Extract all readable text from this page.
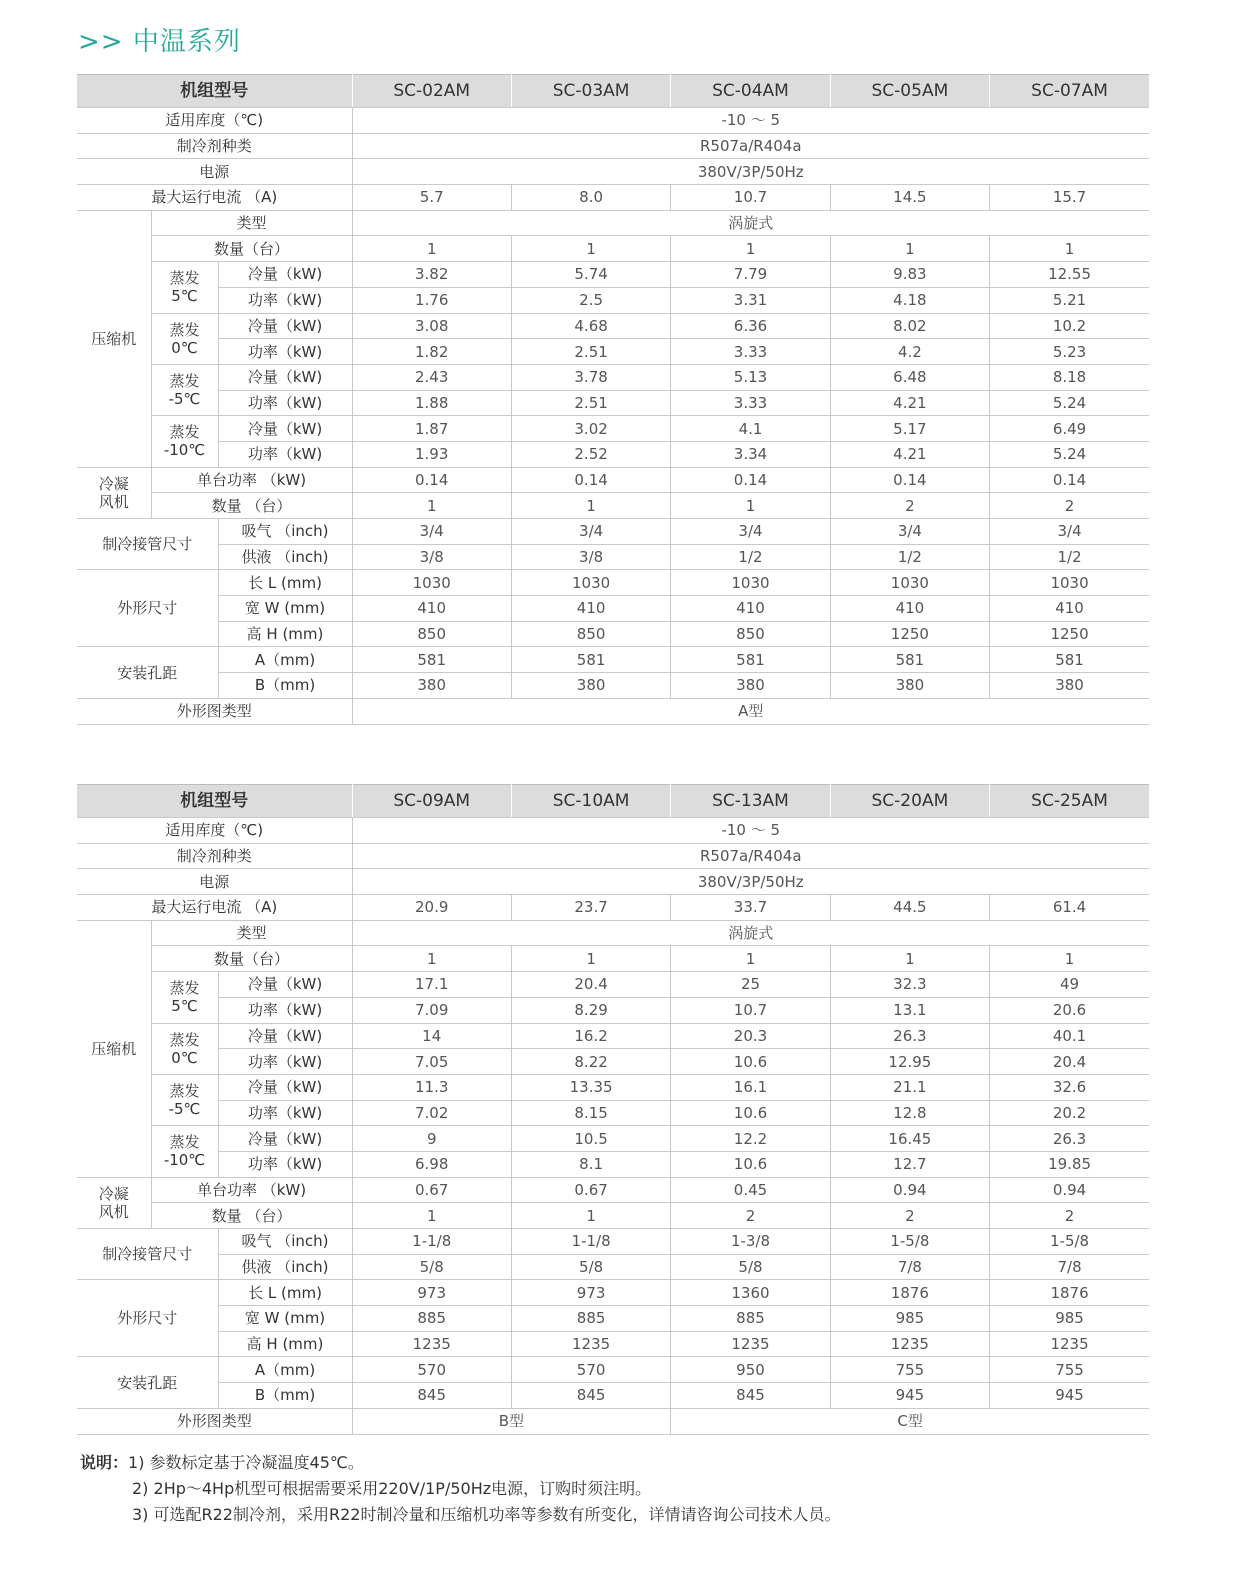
>> 中温系列
机组型号			SC-02AM	SC-03AM	SC-04AM	SC-05AM	SC-07AM
适用库度（℃)			-10 ～ 5				
制冷剂种类			R507a/R404a				
电源			380V/3P/50Hz				
最大运行电流 （A)			5.7	8.0	10.7	14.5	15.7
压缩机	类型		涡旋式				
	数量（台）		1	1	1	1	1
	蒸发
5℃	冷量（kW)	3.82	5.74	7.79	9.83	12.55
		功率（kW)	1.76	2.5	3.31	4.18	5.21
	蒸发
0℃	冷量（kW)	3.08	4.68	6.36	8.02	10.2
		功率（kW)	1.82	2.51	3.33	4.2	5.23
	蒸发
-5℃	冷量（kW)	2.43	3.78	5.13	6.48	8.18
		功率（kW)	1.88	2.51	3.33	4.21	5.24
	蒸发
-10℃	冷量（kW)	1.87	3.02	4.1	5.17	6.49
		功率（kW)	1.93	2.52	3.34	4.21	5.24
冷凝
风机	单台功率 （kW)		0.14	0.14	0.14	0.14	0.14
	数量 （台）		1	1	1	2	2
制冷接管尺寸		吸气 （inch)	3/4	3/4	3/4	3/4	3/4
		供液 （inch)	3/8	3/8	1/2	1/2	1/2
外形尺寸		长 L (mm)	1030	1030	1030	1030	1030
		宽 W (mm)	410	410	410	410	410
		高 H (mm)	850	850	850	1250	1250
安装孔距		A（mm)	581	581	581	581	581
		B（mm)	380	380	380	380	380
外形图类型			A型				
机组型号			SC-09AM	SC-10AM	SC-13AM	SC-20AM	SC-25AM
适用库度（℃)			-10 ～ 5				
制冷剂种类			R507a/R404a				
电源			380V/3P/50Hz				
最大运行电流 （A)			20.9	23.7	33.7	44.5	61.4
压缩机	类型		涡旋式				
	数量（台）		1	1	1	1	1
	蒸发
5℃	冷量（kW)	17.1	20.4	25	32.3	49
		功率（kW)	7.09	8.29	10.7	13.1	20.6
	蒸发
0℃	冷量（kW)	14	16.2	20.3	26.3	40.1
		功率（kW)	7.05	8.22	10.6	12.95	20.4
	蒸发
-5℃	冷量（kW)	11.3	13.35	16.1	21.1	32.6
		功率（kW)	7.02	8.15	10.6	12.8	20.2
	蒸发
-10℃	冷量（kW)	9	10.5	12.2	16.45	26.3
		功率（kW)	6.98	8.1	10.6	12.7	19.85
冷凝
风机	单台功率 （kW)		0.67	0.67	0.45	0.94	0.94
	数量 （台）		1	1	2	2	2
制冷接管尺寸		吸气 （inch)	1-1/8	1-1/8	1-3/8	1-5/8	1-5/8
		供液 （inch)	5/8	5/8	5/8	7/8	7/8
外形尺寸		长 L (mm)	973	973	1360	1876	1876
		宽 W (mm)	885	885	885	985	985
		高 H (mm)	1235	1235	1235	1235	1235
安装孔距		A（mm)	570	570	950	755	755
		B（mm)	845	845	845	945	945
外形图类型			B型		C型		
说明：1) 参数标定基于冷凝温度45℃。
2) 2Hp～4Hp机型可根据需要采用220V/1P/50Hz电源，订购时须注明。
3) 可选配R22制冷剂，采用R22时制冷量和压缩机功率等参数有所变化，详情请咨询公司技术人员。
